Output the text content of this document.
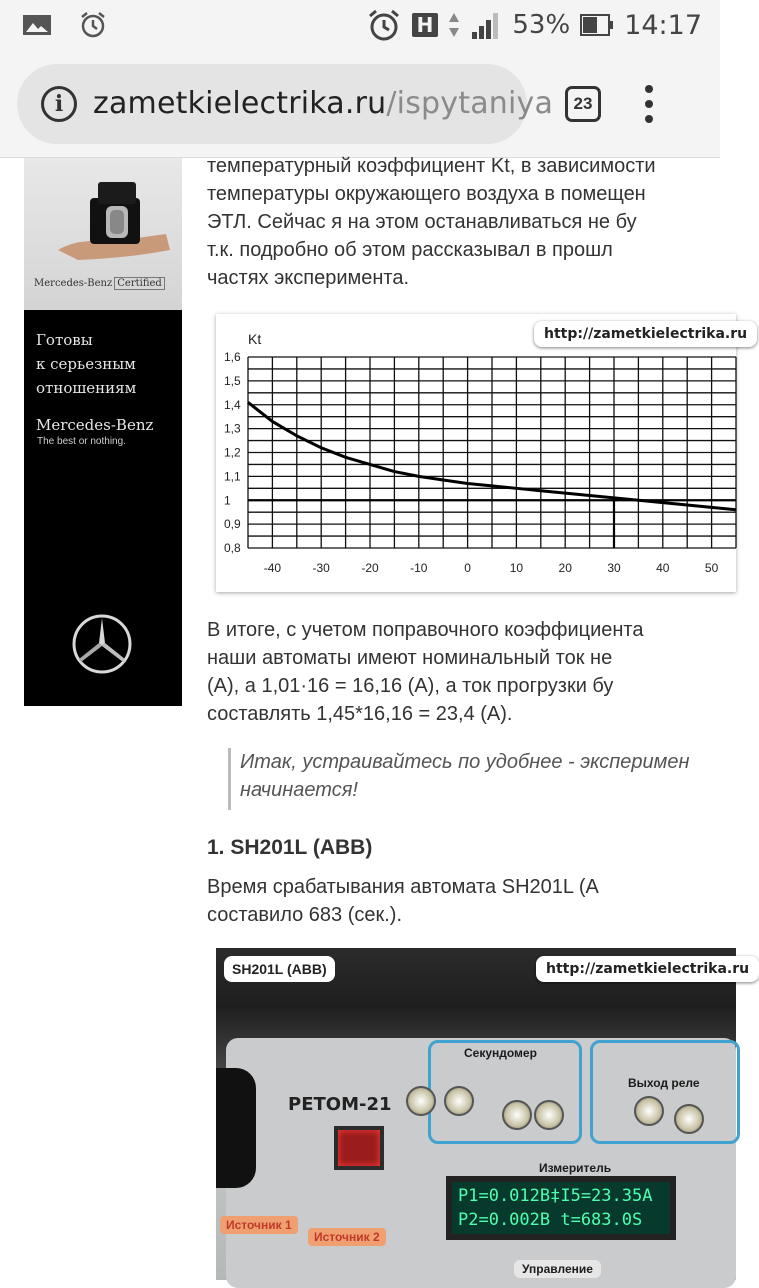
H	53% 14:17
i zametkielectrika.ru/ispytaniya 23
Mercedes-Benz Certified
Готовы
к серьезным
отношениям
Mercedes-Benz
The best or nothing.

температурный коэффициент Kt, в зависимости

температуры окружающего воздуха в помещен

ЭТЛ. Сейчас я на этом останавливаться не бу

т.к. подробно об этом рассказывал в прошл

частях эксперимента.

0,8
0,9
1
1,1
1,2
1,3
1,4
1,5
1,6
-40	-30	-20	-10	0	10	20	30	40	50
Kt	http://zametkielectrika.ru

В итоге, с учетом поправочного коэффициента

наши автоматы имеют номинальный ток не

(А), а 1,01·16 = 16,16 (А), а ток прогрузки бу

составлять 1,45*16,16 = 23,4 (А).

Итак, устраивайтесь по удобнее - эксперимен
начинается!
1. SH201L (ABB)

Время срабатывания автомата SH201L (А

составило 683 (сек.).

Секундомер
Выход реле
Измеритель
РЕТОМ-21
P1=0.012В‡I5=23.35A
P2=0.002В t=683.0S
Источник 1
Источник 2
Управление
SH201L (ABB)	http://zametkielectrika.ru
